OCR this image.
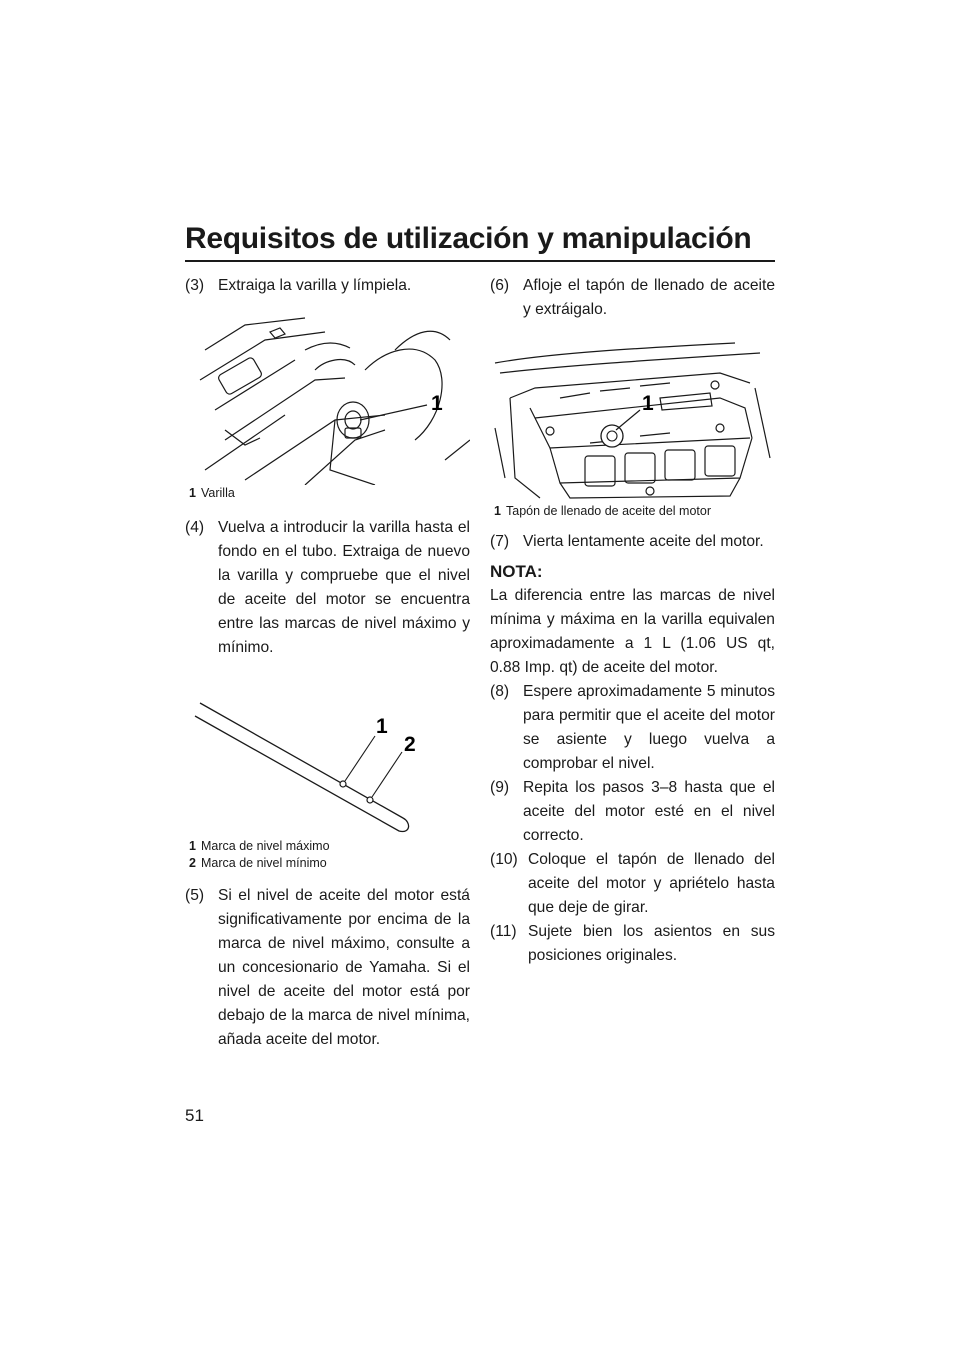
Requisitos de utilización y manipulación
(3) Extraiga la varilla y límpiela.
1
1 Varilla
(4) Vuelva a introducir la varilla hasta el fondo en el tubo. Extraiga de nuevo la varilla y compruebe que el nivel de aceite del motor se encuentra entre las marcas de nivel máximo y mínimo.
1
2
1 Marca de nivel máximo
2 Marca de nivel mínimo
(5) Si el nivel de aceite del motor está significativamente por encima de la marca de nivel máximo, consulte a un concesionario de Yamaha. Si el nivel de aceite del motor está por debajo de la marca de nivel mínima, añada aceite del motor.
(6) Afloje el tapón de llenado de aceite y extráigalo.
1
1 Tapón de llenado de aceite del motor
(7) Vierta lentamente aceite del motor.
NOTA:
La diferencia entre las marcas de nivel mínima y máxima en la varilla equivalen aproximadamente a 1 L (1.06 US qt, 0.88 Imp. qt) de aceite del motor.
(8) Espere aproximadamente 5 minutos para permitir que el aceite del motor se asiente y luego vuelva a comprobar el nivel.
(9) Repita los pasos 3–8 hasta que el aceite del motor esté en el nivel correcto.
(10) Coloque el tapón de llenado del aceite del motor y apriételo hasta que deje de girar.
(11) Sujete bien los asientos en sus posiciones originales.
51
